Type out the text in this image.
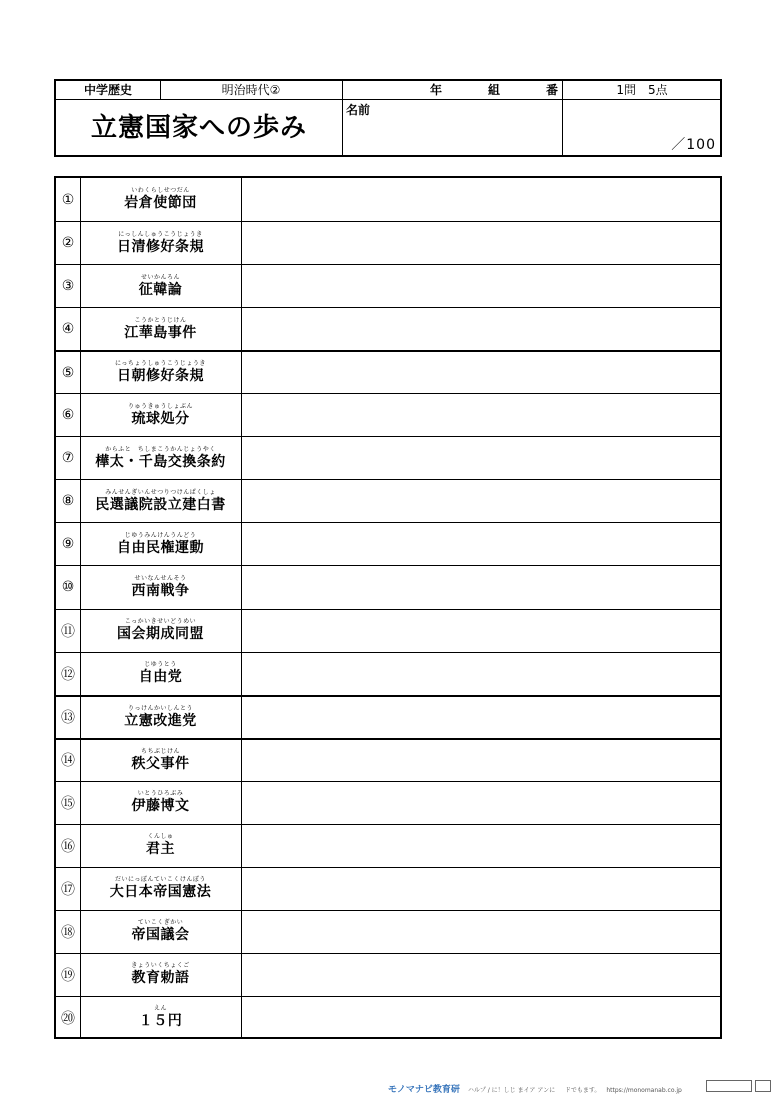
中学歴史	明治時代②	年	組	番	1問　5点
立憲国家への歩み
名前
／100
①
いわくらしせつだん
岩倉使節団
②
にっしんしゅうこうじょうき
日清修好条規
③
せいかんろん
征韓論
④
こうかとうじけん
江華島事件
⑤
にっちょうしゅうこうじょうき
日朝修好条規
⑥
りゅうきゅうしょぶん
琉球処分
⑦
からふと　ちしまこうかんじょうやく
樺太・千島交換条約
⑧
みんせんぎいんせつりつけんぱくしょ
民選議院設立建白書
⑨
じゆうみんけんうんどう
自由民権運動
⑩
せいなんせんそう
西南戦争
⑪
こっかいきせいどうめい
国会期成同盟
⑫
じゆうとう
自由党
⑬
りっけんかいしんとう
立憲改進党
⑭
ちちぶじけん
秩父事件
⑮
いとうひろぶみ
伊藤博文
⑯
くんしゅ
君主
⑰
だいにっぽんていこくけんぽう
大日本帝国憲法
⑱
ていこくぎかい
帝国議会
⑲
きょういくちょくご
教育勅語
⑳
えん
１５円
モノマナビ教育研 ハルプ / に！しじ まイア アンに 　 ドでもます。 https://monomanab.co.jp
